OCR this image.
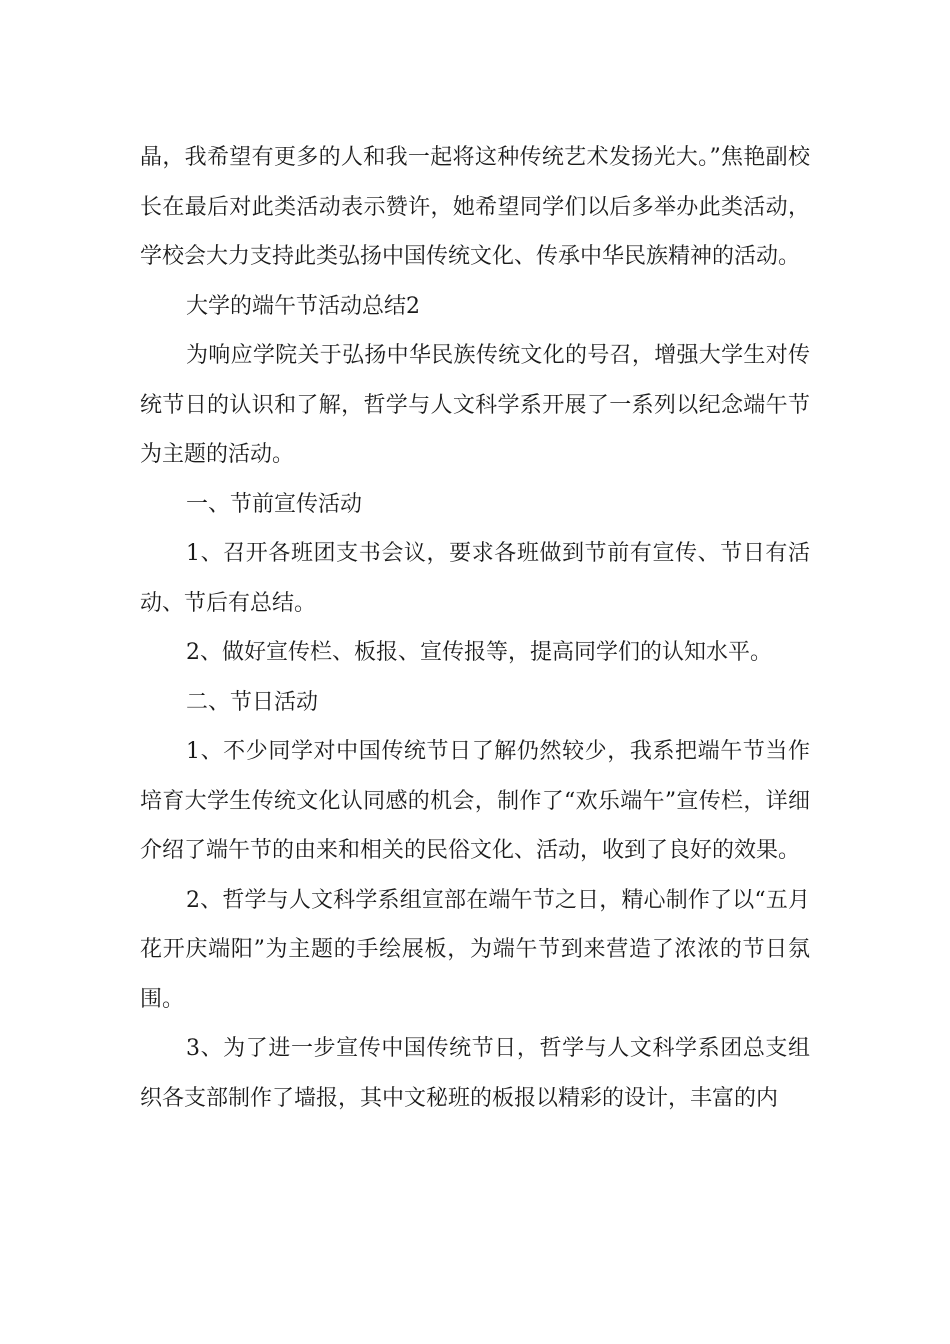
晶，我希望有更多的人和我一起将这种传统艺术发扬光大。”焦艳副校长在最后对此类活动表示赞许，她希望同学们以后多举办此类活动，学校会大力支持此类弘扬中国传统文化、传承中华民族精神的活动。

大学的端午节活动总结2

为响应学院关于弘扬中华民族传统文化的号召，增强大学生对传统节日的认识和了解，哲学与人文科学系开展了一系列以纪念端午节为主题的活动。

一、节前宣传活动

1、召开各班团支书会议，要求各班做到节前有宣传、节日有活动、节后有总结。

2、做好宣传栏、板报、宣传报等，提高同学们的认知水平。

二、节日活动

1、不少同学对中国传统节日了解仍然较少，我系把端午节当作培育大学生传统文化认同感的机会，制作了“欢乐端午”宣传栏，详细介绍了端午节的由来和相关的民俗文化、活动，收到了良好的效果。

2、哲学与人文科学系组宣部在端午节之日，精心制作了以“五月花开庆端阳”为主题的手绘展板，为端午节到来营造了浓浓的节日氛围。

3、为了进一步宣传中国传统节日，哲学与人文科学系团总支组织各支部制作了墙报，其中文秘班的板报以精彩的设计，丰富的内
